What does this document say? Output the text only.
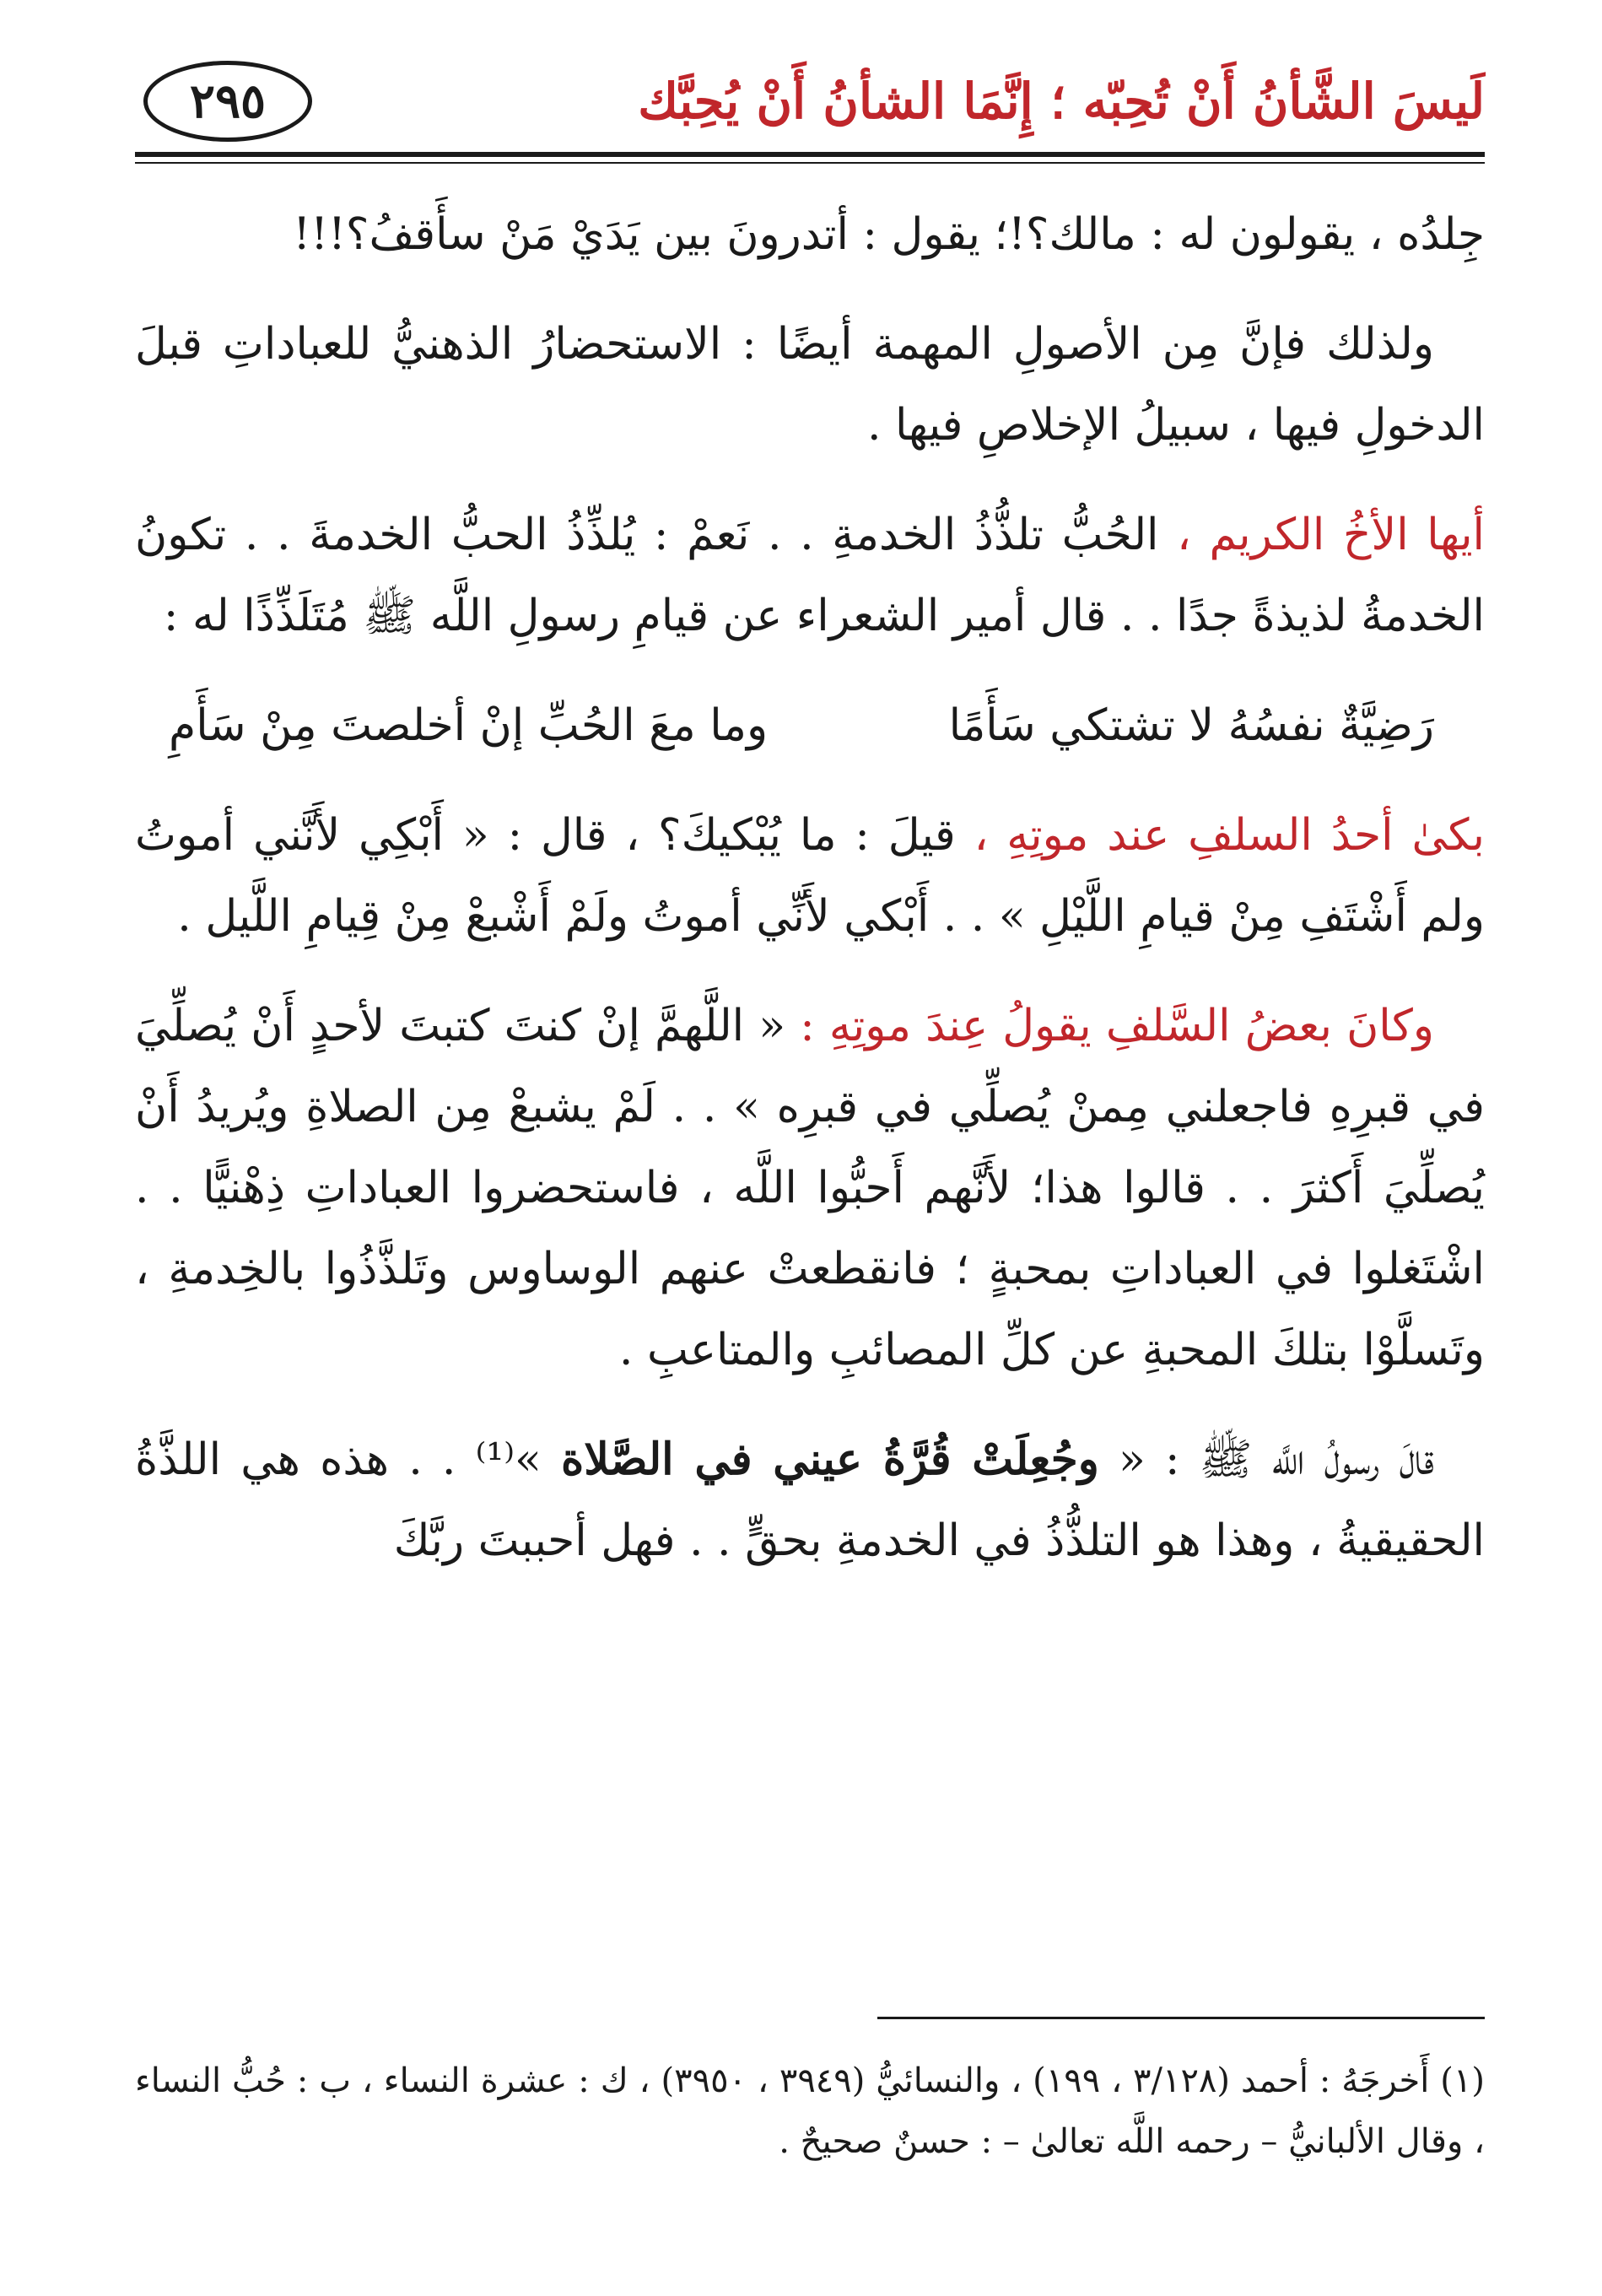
لَيسَ الشَّأنُ أَنْ تُحِبّه ؛ إِنَّمَا الشأنُ أَنْ يُحِبَّك
٢٩٥

جِلدُه ، يقولون له : مالك؟!؛ يقول : أتدرونَ بين يَدَيْ مَنْ سأَقفُ؟!!!

ولذلك فإنَّ مِن الأصولِ المهمة أيضًا : الاستحضارُ الذهنيُّ للعباداتِ قبلَ الدخولِ فيها ، سبيلُ الإخلاصِ فيها .

أيها الأخُ الكريم ، الحُبُّ تلذُّذُ الخدمةِ . . نَعمْ : يُلذِّذُ الحبُّ الخدمةَ . . تكونُ الخدمةُ لذيذةً جدًا . . قال أمير الشعراء عن قيامِ رسولِ اللَّه ﷺ مُتَلَذِّذًا له :

رَضِيَّةٌ نفسُهُ لا تشتكي سَأَمًا
وما معَ الحُبِّ إنْ أخلصتَ مِنْ سَأَمِ

بكىٰ أحدُ السلفِ عند موتِهِ ، قيلَ : ما يُبْكيكَ؟ ، قال : « أَبْكِي لأَنَّني أموتُ ولم أَشْتَفِ مِنْ قيامِ اللَّيْلِ » . . أَبْكي لأَنِّي أموتُ ولَمْ أَشْبعْ مِنْ قِيامِ اللَّيل .

وكانَ بعضُ السَّلفِ يقولُ عِندَ موتِهِ : « اللَّهمَّ إنْ كنتَ كتبتَ لأحدٍ أَنْ يُصلِّيَ في قبرِهِ فاجعلني مِمنْ يُصلِّي في قبرِه » . . لَمْ يشبعْ مِن الصلاةِ ويُريدُ أَنْ يُصلِّيَ أَكثرَ . . قالوا هذا؛ لأَنَّهم أَحبُّوا اللَّه ، فاستحضروا العباداتِ ذِهْنيًّا . . اشْتَغلوا في العباداتِ بمحبةٍ ؛ فانقطعتْ عنهم الوساوس وتَلذَّذُوا بالخِدمةِ ، وتَسلَّوْا بتلكَ المحبةِ عن كلِّ المصائبِ والمتاعبِ .

قالَ رسولُ اللَّه ﷺ : « وجُعِلَتْ قُرَّةُ عيني في الصَّلاة »⁽¹⁾ . . هذه هي اللذَّةُ الحقيقيةُ ، وهذا هو التلذُّذُ في الخدمةِ بحقٍّ . . فهل أحببتَ ربَّكَ

(١) أَخرجَهُ : أحمد (٣/١٢٨ ، ١٩٩) ، والنسائيُّ (٣٩٤٩ ، ٣٩٥٠) ، ك : عشرة النساء ، ب : حُبُّ النساء ، وقال الألبانيُّ – رحمه اللَّه تعالىٰ – : حسنٌ صحيحٌ .
